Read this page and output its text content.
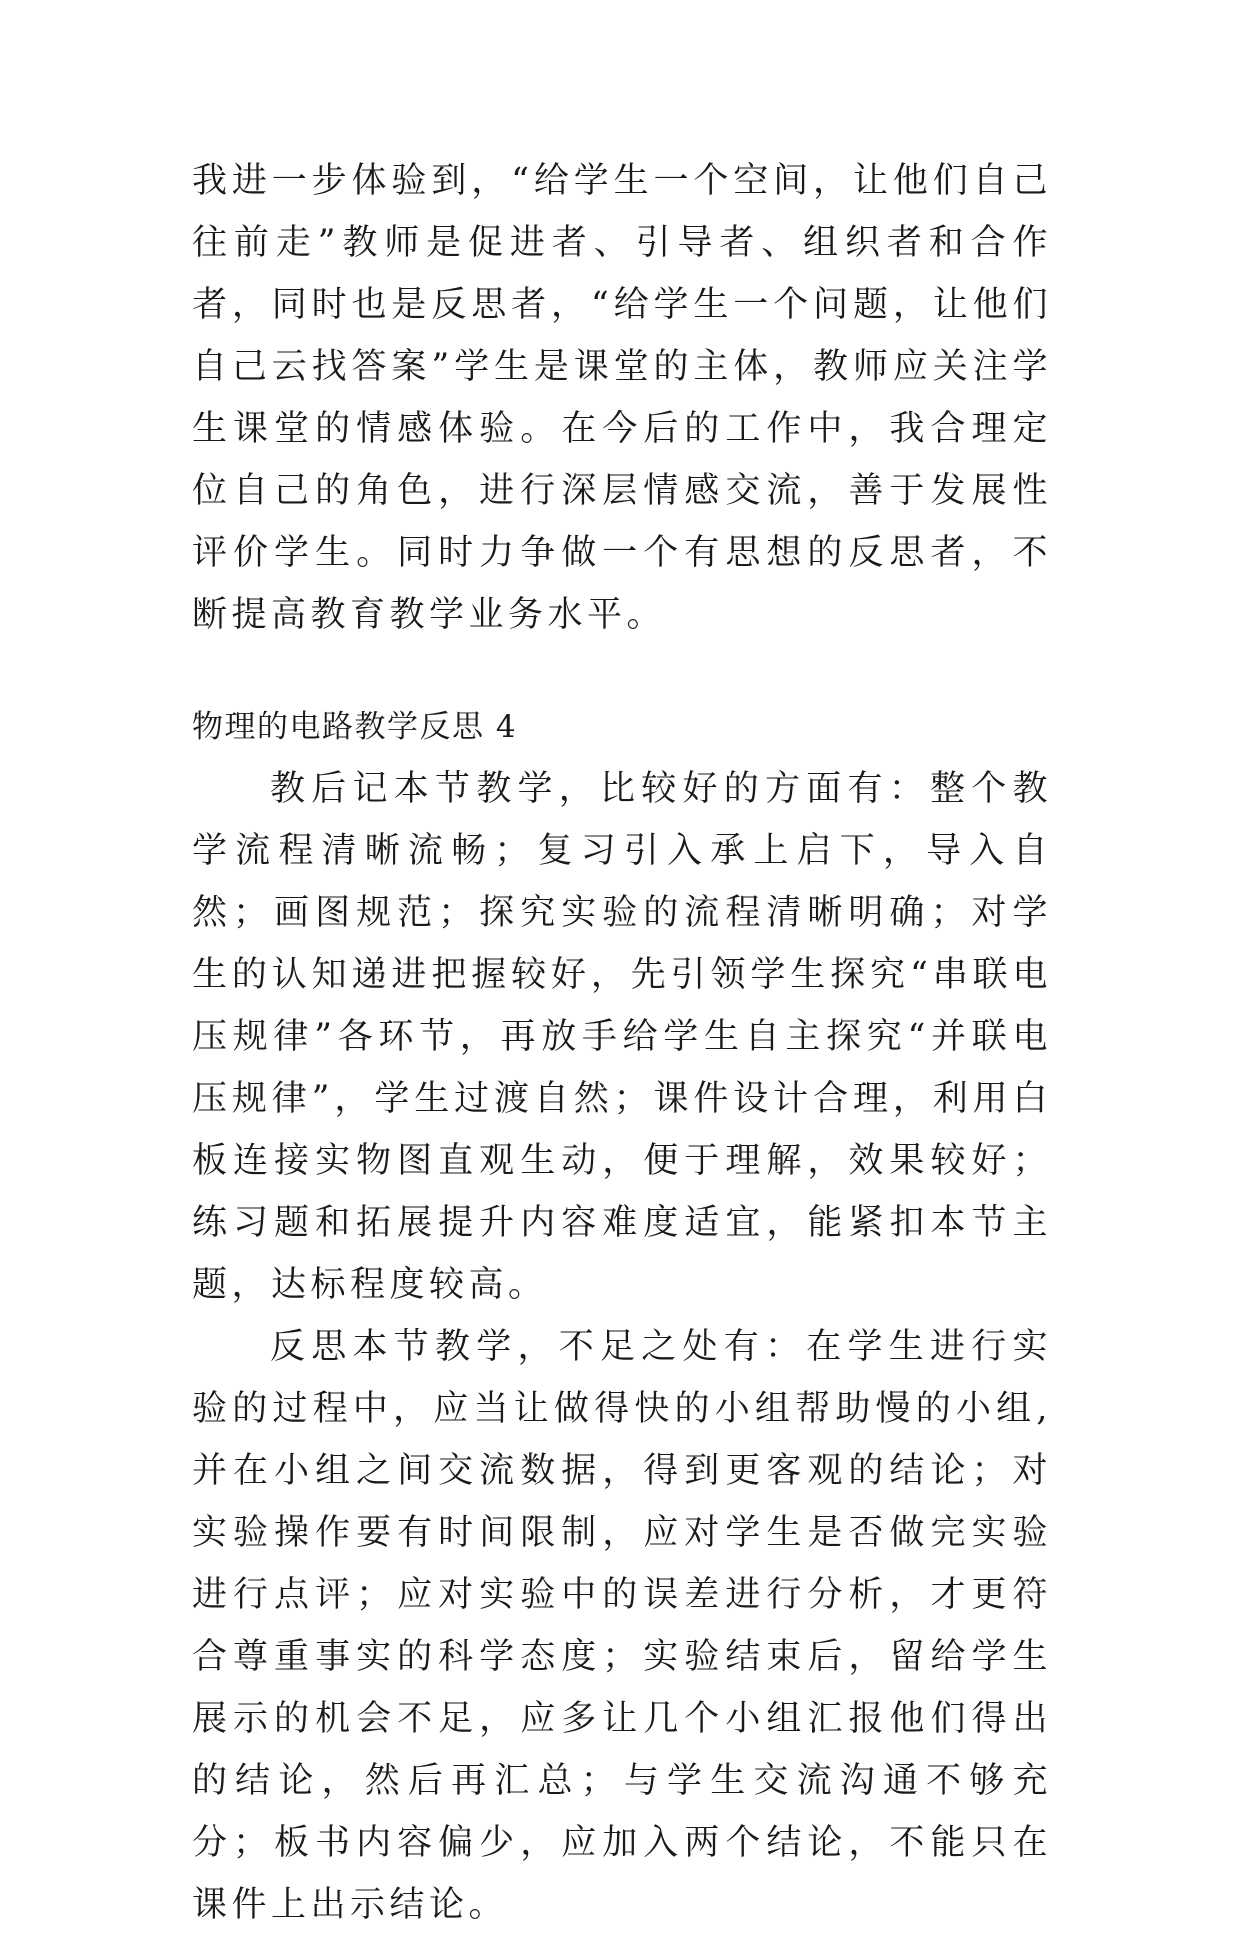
我进一步体验到，“给学生一个空间，让他们自己往前走”教师是促进者、引导者、组织者和合作者，同时也是反思者，“给学生一个问题，让他们自己云找答案”学生是课堂的主体，教师应关注学生课堂的情感体验。在今后的工作中，我合理定位自己的角色，进行深层情感交流，善于发展性评价学生。同时力争做一个有思想的反思者，不断提高教育教学业务水平。

物理的电路教学反思 4

教后记本节教学，比较好的方面有：整个教学流程清晰流畅；复习引入承上启下，导入自然；画图规范；探究实验的流程清晰明确；对学生的认知递进把握较好，先引领学生探究“串联电压规律”各环节，再放手给学生自主探究“并联电压规律”，学生过渡自然；课件设计合理，利用白板连接实物图直观生动，便于理解，效果较好；练习题和拓展提升内容难度适宜，能紧扣本节主题，达标程度较高。

反思本节教学，不足之处有：在学生进行实验的过程中，应当让做得快的小组帮助慢的小组,并在小组之间交流数据，得到更客观的结论；对实验操作要有时间限制，应对学生是否做完实验进行点评；应对实验中的误差进行分析，才更符合尊重事实的科学态度；实验结束后，留给学生展示的机会不足，应多让几个小组汇报他们得出的结论，然后再汇总；与学生交流沟通不够充分；板书内容偏少，应加入两个结论，不能只在课件上出示结论。
